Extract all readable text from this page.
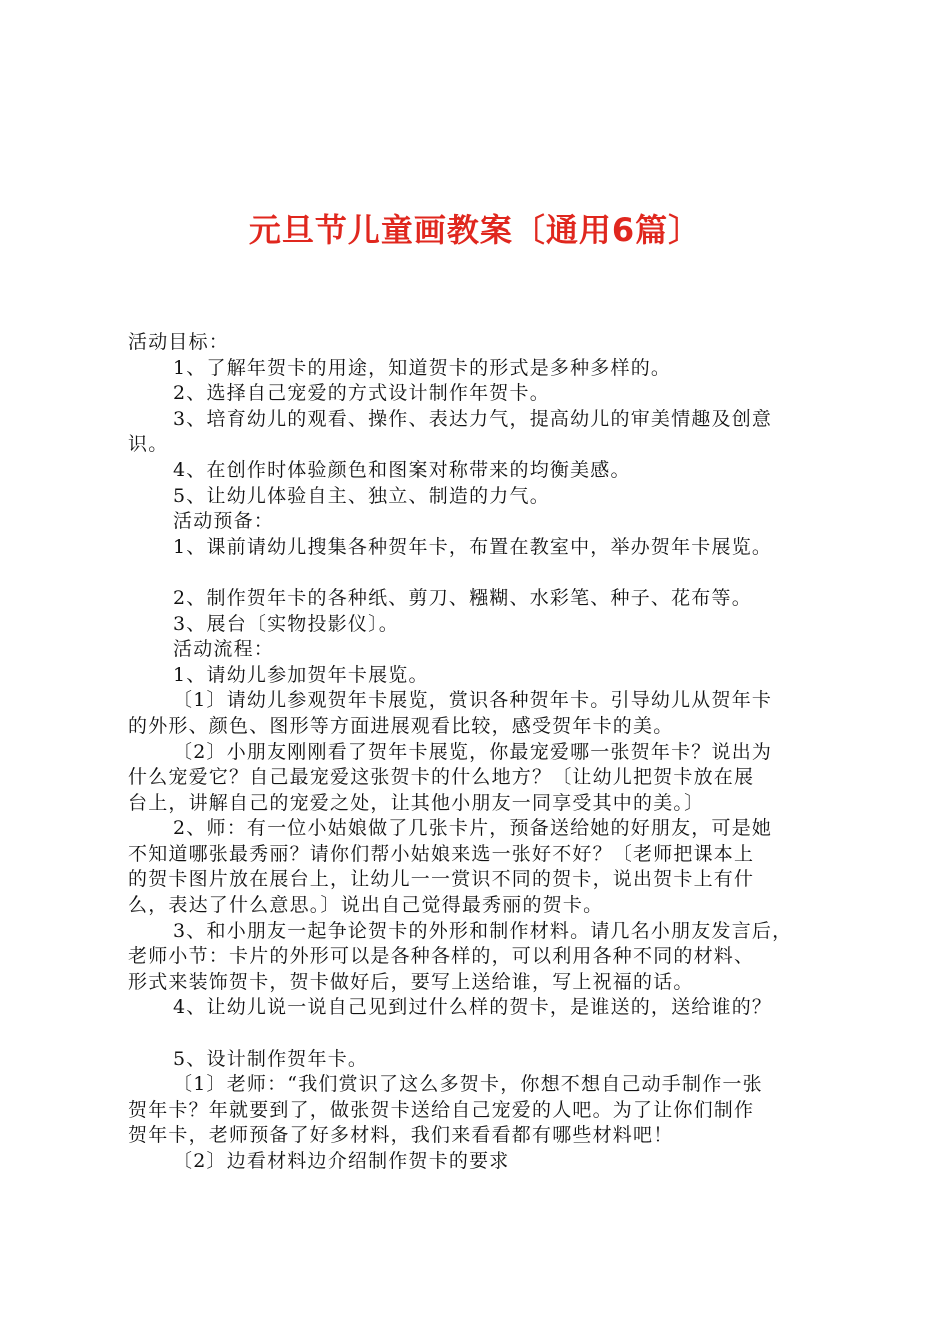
元旦节儿童画教案〔通用6篇〕

活动目标：

1、了解年贺卡的用途，知道贺卡的形式是多种多样的。

2、选择自己宠爱的方式设计制作年贺卡。

3、培育幼儿的观看、操作、表达力气，提高幼儿的审美情趣及创意

识。

4、在创作时体验颜色和图案对称带来的均衡美感。

5、让幼儿体验自主、独立、制造的力气。

活动预备：

1、课前请幼儿搜集各种贺年卡，布置在教室中，举办贺年卡展览。

2、制作贺年卡的各种纸、剪刀、糨糊、水彩笔、种子、花布等。

3、展台〔实物投影仪〕。

活动流程：

1、请幼儿参加贺年卡展览。

〔1〕请幼儿参观贺年卡展览，赏识各种贺年卡。引导幼儿从贺年卡

的外形、颜色、图形等方面进展观看比较，感受贺年卡的美。

〔2〕小朋友刚刚看了贺年卡展览，你最宠爱哪一张贺年卡？说出为

什么宠爱它？自己最宠爱这张贺卡的什么地方？〔让幼儿把贺卡放在展

台上，讲解自己的宠爱之处，让其他小朋友一同享受其中的美。〕

2、师：有一位小姑娘做了几张卡片，预备送给她的好朋友，可是她

不知道哪张最秀丽？请你们帮小姑娘来选一张好不好？〔老师把课本上

的贺卡图片放在展台上，让幼儿一一赏识不同的贺卡，说出贺卡上有什

么，表达了什么意思。〕说出自己觉得最秀丽的贺卡。

3、和小朋友一起争论贺卡的外形和制作材料。请几名小朋友发言后，

老师小节：卡片的外形可以是各种各样的，可以利用各种不同的材料、

形式来装饰贺卡，贺卡做好后，要写上送给谁，写上祝福的话。

4、让幼儿说一说自己见到过什么样的贺卡，是谁送的，送给谁的？

5、设计制作贺年卡。

〔1〕老师：“我们赏识了这么多贺卡，你想不想自己动手制作一张

贺年卡？年就要到了，做张贺卡送给自己宠爱的人吧。为了让你们制作

贺年卡，老师预备了好多材料，我们来看看都有哪些材料吧！

〔2〕边看材料边介绍制作贺卡的要求
